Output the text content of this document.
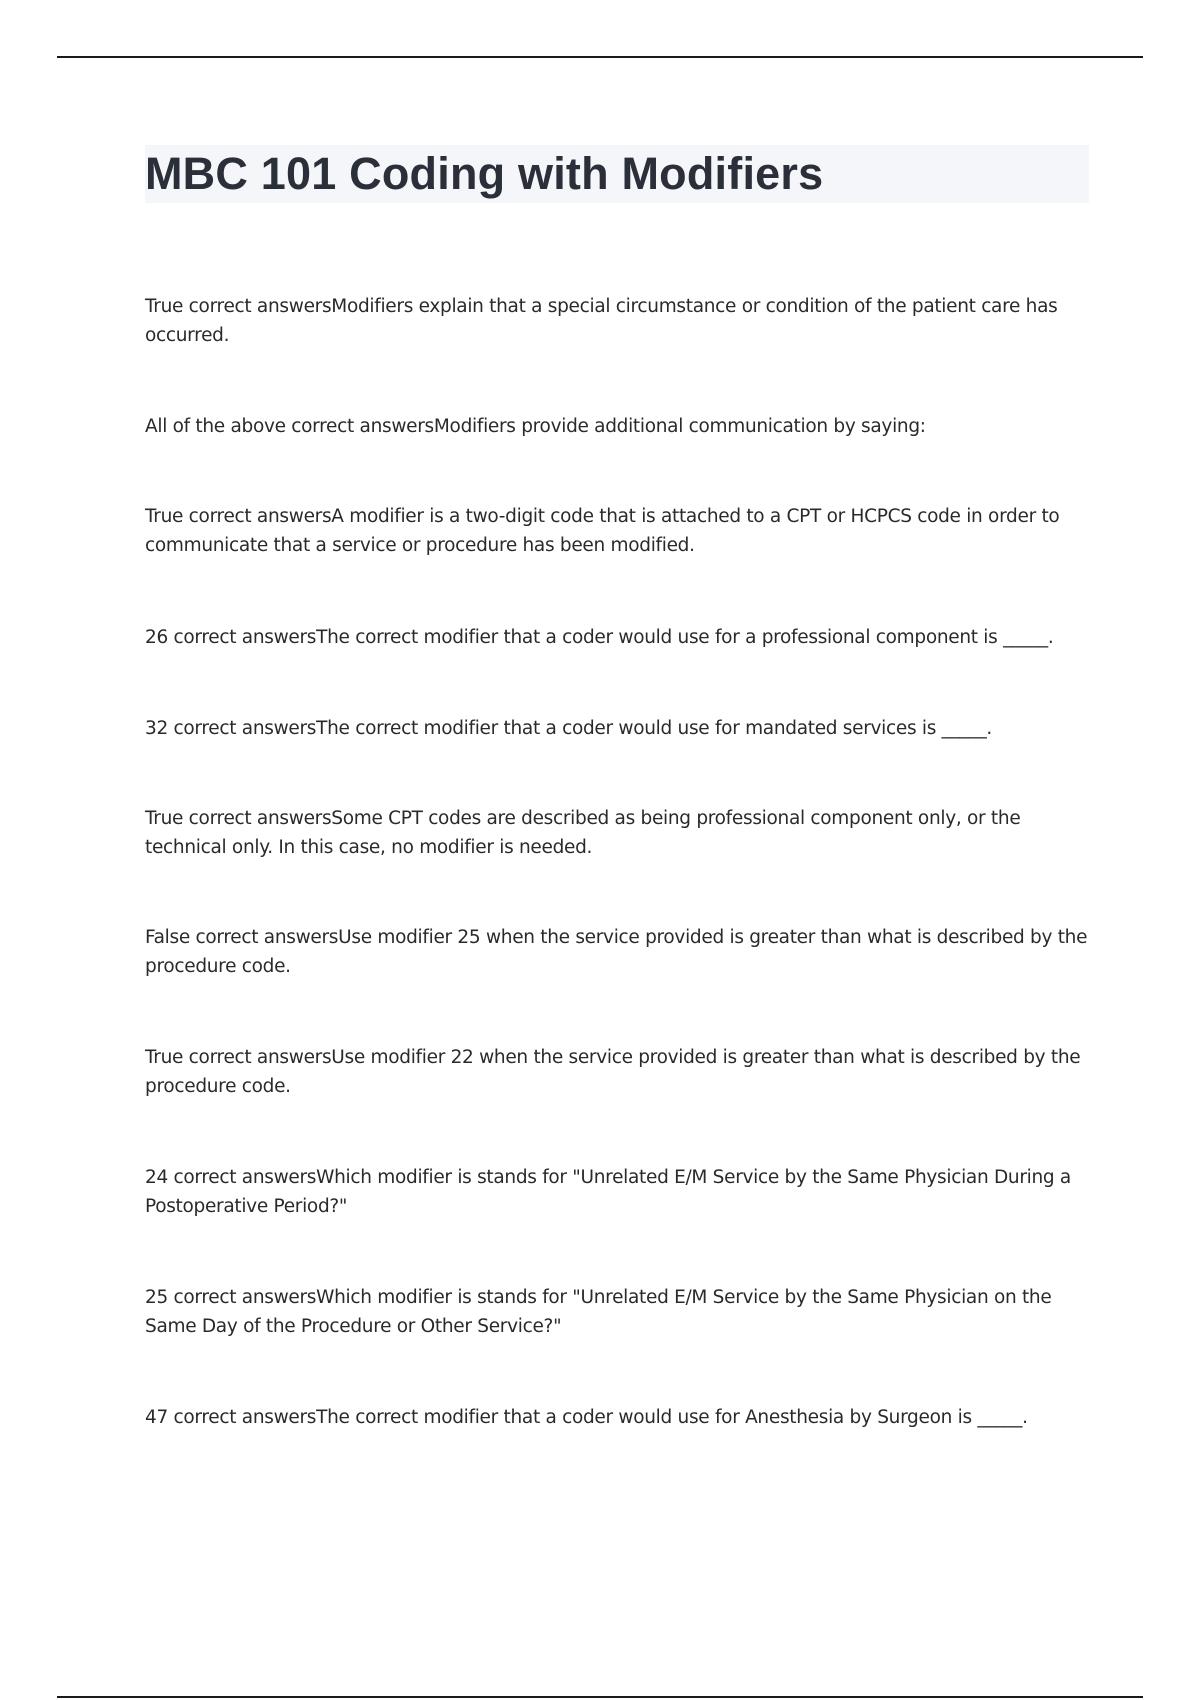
MBC 101 Coding with Modifiers

True correct answersModifiers explain that a special circumstance or condition of the patient care has occurred.

All of the above correct answersModifiers provide additional communication by saying:

True correct answersA modifier is a two-digit code that is attached to a CPT or HCPCS code in order to communicate that a service or procedure has been modified.

26 correct answersThe correct modifier that a coder would use for a professional component is _____.

32 correct answersThe correct modifier that a coder would use for mandated services is _____.

True correct answersSome CPT codes are described as being professional component only, or the technical only. In this case, no modifier is needed.

False correct answersUse modifier 25 when the service provided is greater than what is described by the procedure code.

True correct answersUse modifier 22 when the service provided is greater than what is described by the procedure code.

24 correct answersWhich modifier is stands for "Unrelated E/M Service by the Same Physician During a Postoperative Period?"

25 correct answersWhich modifier is stands for "Unrelated E/M Service by the Same Physician on the Same Day of the Procedure or Other Service?"

47 correct answersThe correct modifier that a coder would use for Anesthesia by Surgeon is _____.
